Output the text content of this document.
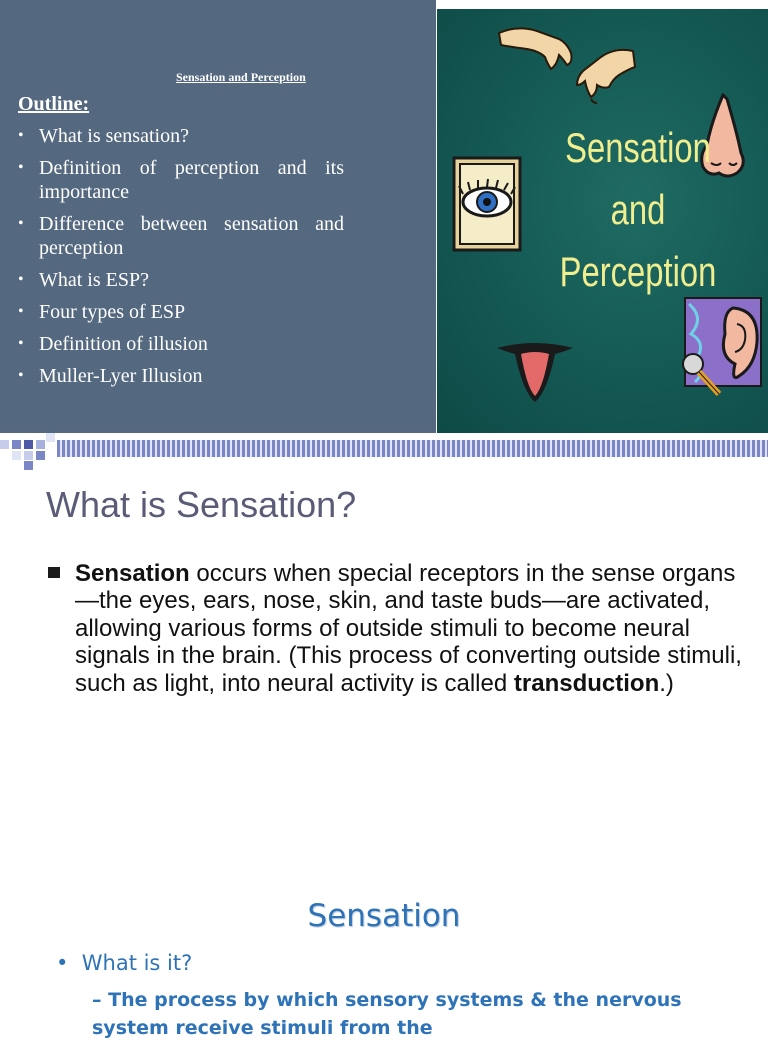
Sensation and Perception
Outline:
• What is sensation?
• Definition of perception and its importance
• Difference between sensation and perception
• What is ESP?
• Four types of ESP
• Definition of illusion
• Muller-Lyer Illusion
Sensation
and
Perception
What is Sensation?
Sensation occurs when special receptors in the sense organs—the eyes, ears, nose, skin, and taste buds—are activated, allowing various forms of outside stimuli to become neural signals in the brain. (This process of converting outside stimuli, such as light, into neural activity is called transduction.)
Sensation
•  What is it?
– The process by which sensory systems & the nervous system receive stimuli from the
